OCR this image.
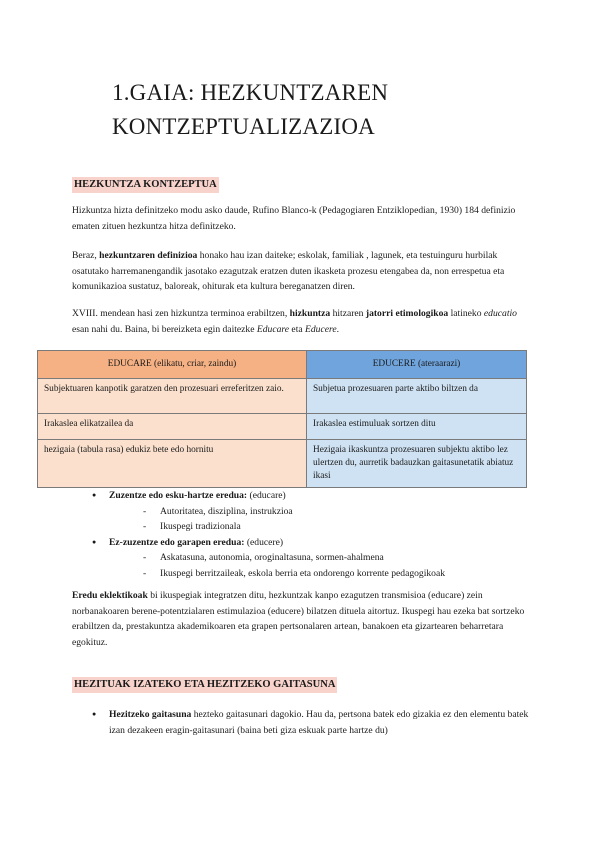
1.GAIA: HEZKUNTZAREN KONTZEPTUALIZAZIOA
HEZKUNTZA KONTZEPTUA

Hizkuntza hizta definitzeko modu asko daude, Rufino Blanco-k (Pedagogiaren Entziklopedian, 1930) 184 definizio ematen zituen hezkuntza hitza definitzeko.

Beraz, hezkuntzaren definizioa honako hau izan daiteke; eskolak, familiak , lagunek, eta testuinguru hurbilak osatutako harremanengandik jasotako ezagutzak eratzen duten ikasketa prozesu etengabea da, non errespetua eta komunikazioa sustatuz, baloreak, ohiturak eta kultura bereganatzen diren.

XVIII. mendean hasi zen hizkuntza terminoa erabiltzen, hizkuntza hitzaren jatorri etimologikoa latineko educatio esan nahi du. Baina, bi bereizketa egin daitezke Educare eta Educere.

EDUCARE (elikatu, criar, zaindu)	EDUCERE (ateraarazi)
Subjektuaren kanpotik garatzen den prozesuari erreferitzen zaio.	Subjetua prozesuaren parte aktibo biltzen da
Irakaslea elikatzailea da	Irakaslea estimuluak sortzen ditu
hezigaia (tabula rasa) edukiz bete edo hornitu	Hezigaia ikaskuntza prozesuaren subjektu aktibo lez ulertzen du, aurretik badauzkan gaitasunetatik abiatuz ikasi
● Zuzentze edo esku-hartze eredua: (educare)
- Autoritatea, disziplina, instrukzioa
- Ikuspegi tradizionala
● Ez-zuzentze edo garapen eredua: (educere)
- Askatasuna, autonomia, oroginaltasuna, sormen-ahalmena
- Ikuspegi berritzaileak, eskola berria eta ondorengo korrente pedagogikoak

Eredu eklektikoak bi ikuspegiak integratzen ditu, hezkuntzak kanpo ezagutzen transmisioa (educare) zein norbanakoaren berene-potentzialaren estimulazioa (educere) bilatzen dituela aitortuz. Ikuspegi hau ezeka bat sortzeko erabiltzen da, prestakuntza akademikoaren eta grapen pertsonalaren artean, banakoen eta gizartearen beharretara egokituz.

HEZITUAK IZATEKO ETA HEZITZEKO GAITASUNA
● Hezitzeko gaitasuna hezteko gaitasunari dagokio. Hau da, pertsona batek edo gizakia ez den elementu batek izan dezakeen eragin-gaitasunari (baina beti giza eskuak parte hartze du)
